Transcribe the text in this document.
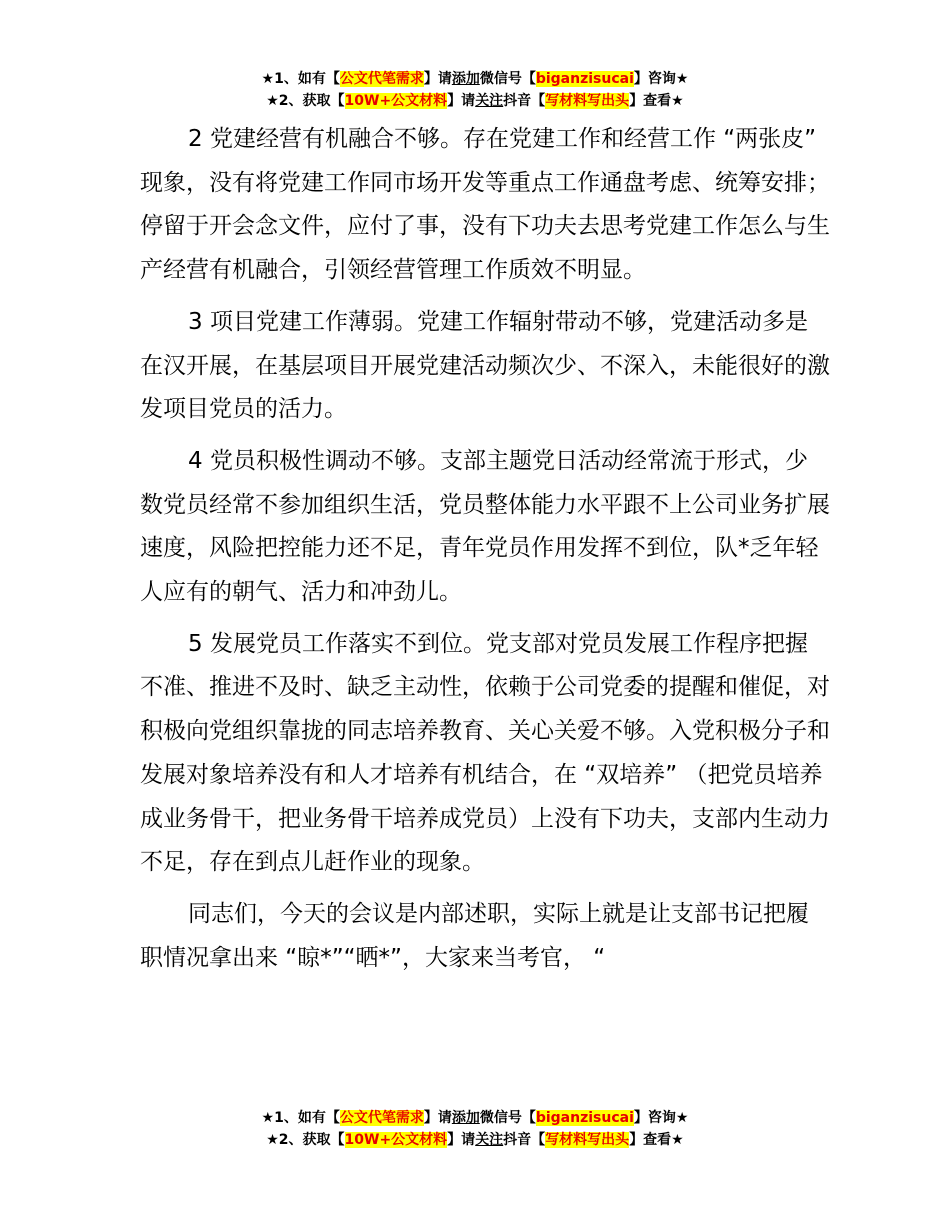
★1、如有【公文代笔需求】请添加微信号【biganzisucai】咨询★
★2、获取【10W+公文材料】请关注抖音【写材料写出头】查看★

2 党建经营有机融合不够。存在党建工作和经营工作 “两张皮” 现象，没有将党建工作同市场开发等重点工作通盘考虑、统筹安排；停留于开会念文件，应付了事，没有下功夫去思考党建工作怎么与生产经营有机融合，引领经营管理工作质效不明显。

3 项目党建工作薄弱。党建工作辐射带动不够，党建活动多是在汉开展，在基层项目开展党建活动频次少、不深入，未能很好的激发项目党员的活力。

4 党员积极性调动不够。支部主题党日活动经常流于形式，少数党员经常不参加组织生活，党员整体能力水平跟不上公司业务扩展速度，风险把控能力还不足，青年党员作用发挥不到位，队*乏年轻人应有的朝气、活力和冲劲儿。

5 发展党员工作落实不到位。党支部对党员发展工作程序把握不准、推进不及时、缺乏主动性，依赖于公司党委的提醒和催促，对积极向党组织靠拢的同志培养教育、关心关爱不够。入党积极分子和发展对象培养没有和人才培养有机结合，在 “双培养” （把党员培养成业务骨干，把业务骨干培养成党员）上没有下功夫，支部内生动力不足，存在到点儿赶作业的现象。

同志们，今天的会议是内部述职，实际上就是让支部书记把履职情况拿出来 “晾*”“晒*”，大家来当考官， “

★1、如有【公文代笔需求】请添加微信号【biganzisucai】咨询★
★2、获取【10W+公文材料】请关注抖音【写材料写出头】查看★
